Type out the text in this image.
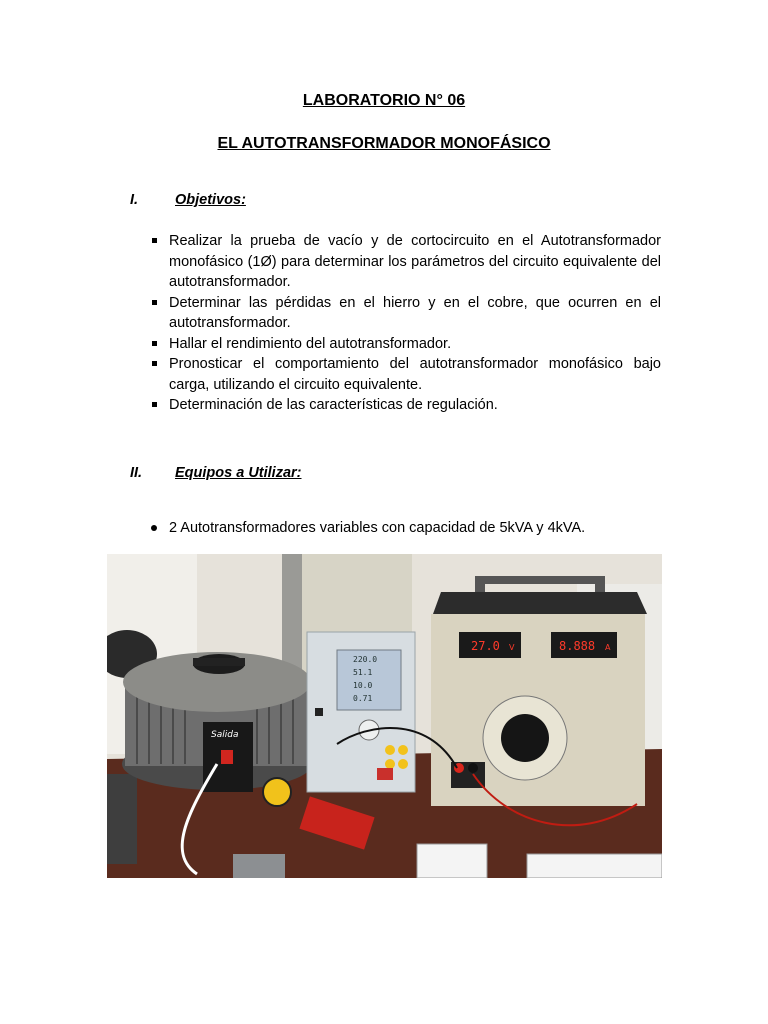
LABORATORIO N° 06
EL AUTOTRANSFORMADOR MONOFÁSICO
I.	Objetivos:
Realizar la prueba de vacío y de cortocircuito en el Autotransformador monofásico (1Ø) para determinar los parámetros del circuito equivalente del autotransformador.
Determinar las pérdidas en el hierro y en el cobre, que ocurren en el autotransformador.
Hallar el rendimiento del autotransformador.
Pronosticar el comportamiento del autotransformador monofásico bajo carga, utilizando el circuito equivalente.
Determinación de las características de regulación.
II. Equipos a Utilizar:
2 Autotransformadores variables con capacidad de 5kVA y 4kVA.
Salida
220.0
51.1
10.0
0.71
27.0 V	8.888 A
